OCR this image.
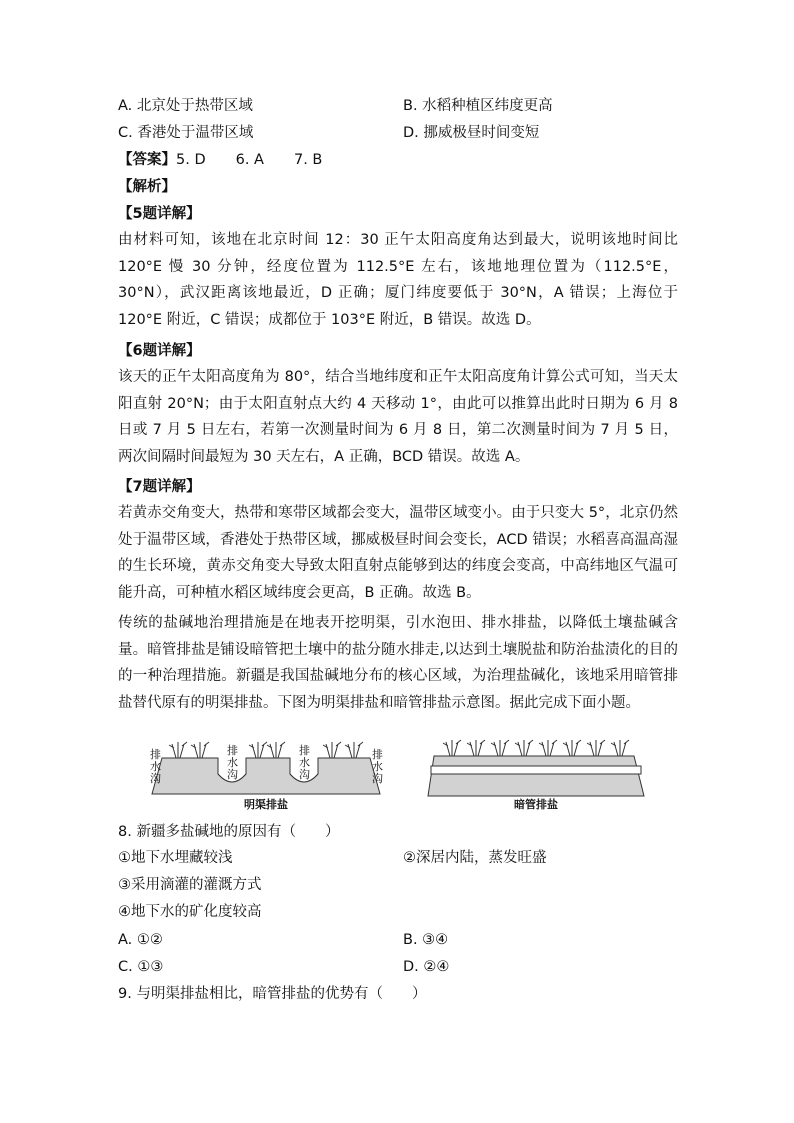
A. 北京处于热带区域	B. 水稻种植区纬度更高
C. 香港处于温带区域	D. 挪威极昼时间变短
【答案】5. D 6. A 7. B
【解析】
【5题详解】

由材料可知，该地在北京时间 12：30 正午太阳高度角达到最大，说明该地时间比 120°E 慢 30 分钟，经度位置为 112.5°E 左右，该地地理位置为（112.5°E，30°N），武汉距离该地最近，D 正确；厦门纬度要低于 30°N，A 错误；上海位于 120°E 附近，C 错误；成都位于 103°E 附近，B 错误。故选 D。

【6题详解】

该天的正午太阳高度角为 80°，结合当地纬度和正午太阳高度角计算公式可知，当天太阳直射 20°N；由于太阳直射点大约 4 天移动 1°，由此可以推算出此时日期为 6 月 8 日或 7 月 5 日左右，若第一次测量时间为 6 月 8 日，第二次测量时间为 7 月 5 日，两次间隔时间最短为 30 天左右，A 正确，BCD 错误。故选 A。

【7题详解】

若黄赤交角变大，热带和寒带区域都会变大，温带区域变小。由于只变大 5°，北京仍然处于温带区域，香港处于热带区域，挪威极昼时间会变长，ACD 错误；水稻喜高温高湿的生长环境，黄赤交角变大导致太阳直射点能够到达的纬度会变高，中高纬地区气温可能升高，可种植水稻区域纬度会更高，B 正确。故选 B。

传统的盐碱地治理措施是在地表开挖明渠，引水泡田、排水排盐，以降低土壤盐碱含量。暗管排盐是铺设暗管把土壤中的盐分随水排走,以达到土壤脱盐和防治盐渍化的目的的一种治理措施。新疆是我国盐碱地分布的核心区域，为治理盐碱化，该地采用暗管排盐替代原有的明渠排盐。下图为明渠排盐和暗管排盐示意图。据此完成下面小题。

排
水
沟
排
水
沟
排
水
沟
排
水
沟
明渠排盐	暗管排盐
8. 新疆多盐碱地的原因有（　　）
①地下水埋藏较浅	②深居内陆，蒸发旺盛
③采用滴灌的灌溉方式
④地下水的矿化度较高
A. ①②	B. ③④
C. ①③	D. ②④
9. 与明渠排盐相比，暗管排盐的优势有（　　）
